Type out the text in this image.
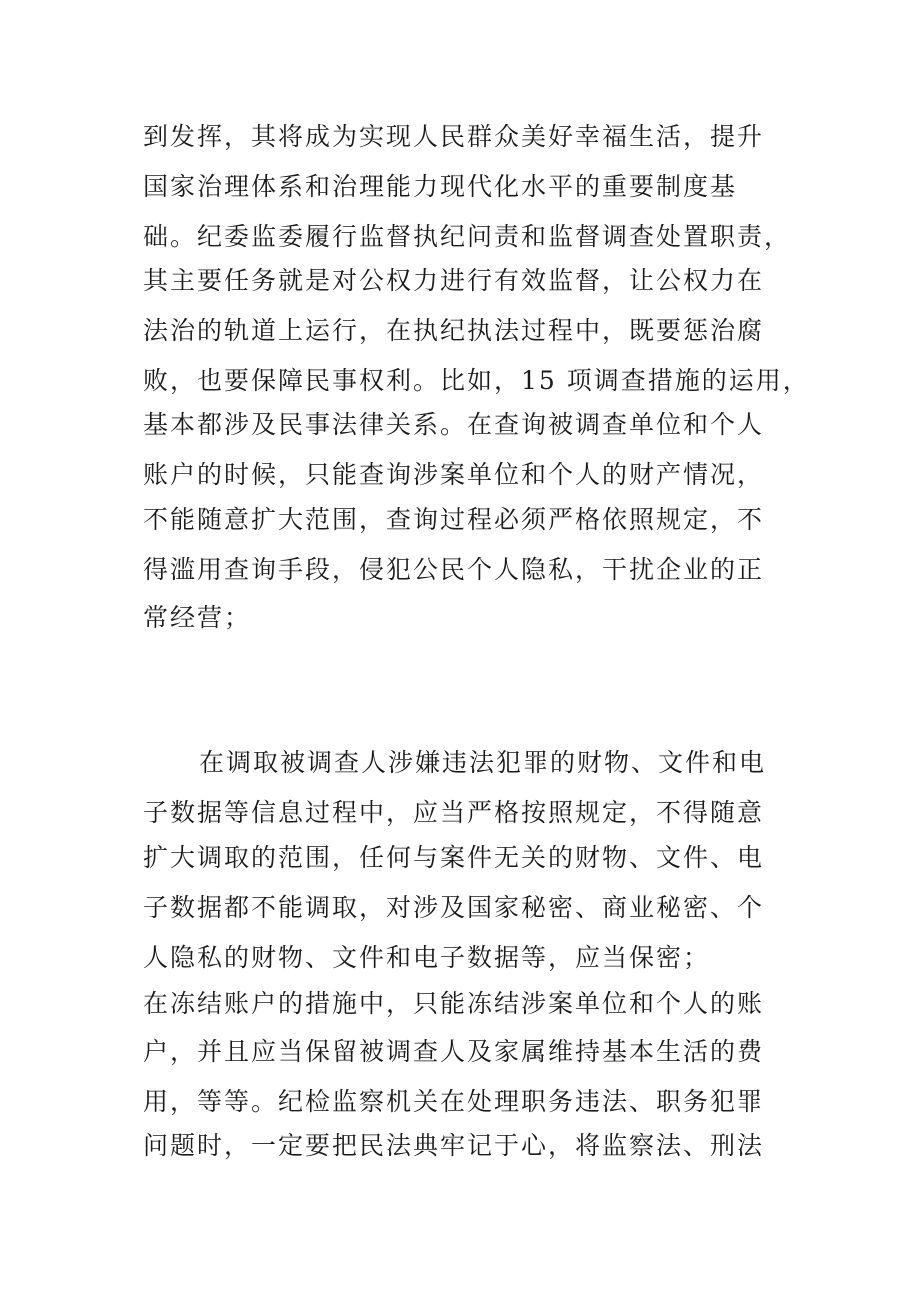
到发挥，其将成为实现人民群众美好幸福生活，提升
国家治理体系和治理能力现代化水平的重要制度基
础。纪委监委履行监督执纪问责和监督调查处置职责，
其主要任务就是对公权力进行有效监督，让公权力在
法治的轨道上运行，在执纪执法过程中，既要惩治腐
败，也要保障民事权利。比如，15 项调查措施的运用，
基本都涉及民事法律关系。在查询被调查单位和个人
账户的时候，只能查询涉案单位和个人的财产情况，
不能随意扩大范围，查询过程必须严格依照规定，不
得滥用查询手段，侵犯公民个人隐私，干扰企业的正
常经营；
在调取被调查人涉嫌违法犯罪的财物、文件和电
子数据等信息过程中，应当严格按照规定，不得随意
扩大调取的范围，任何与案件无关的财物、文件、电
子数据都不能调取，对涉及国家秘密、商业秘密、个
人隐私的财物、文件和电子数据等，应当保密；
在冻结账户的措施中，只能冻结涉案单位和个人的账
户，并且应当保留被调查人及家属维持基本生活的费
用，等等。纪检监察机关在处理职务违法、职务犯罪
问题时，一定要把民法典牢记于心，将监察法、刑法
